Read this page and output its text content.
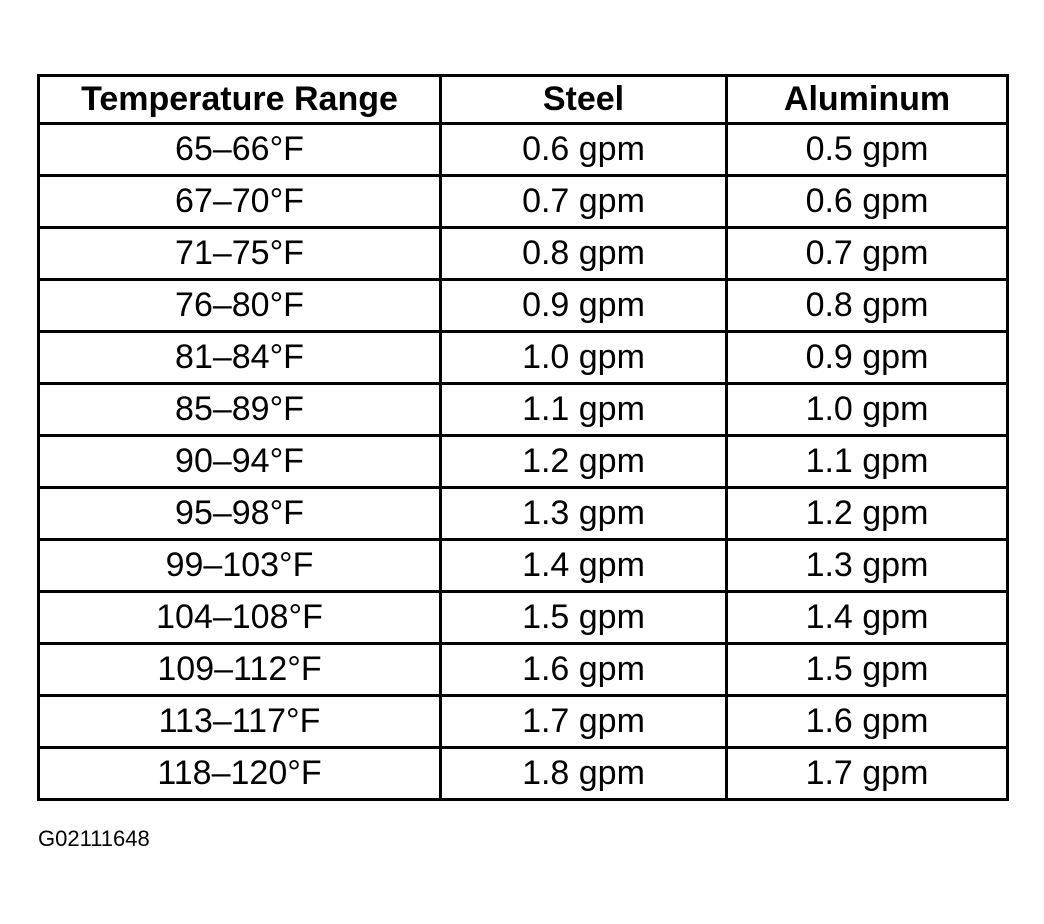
Temperature Range	Steel	Aluminum
65–66°F	0.6 gpm	0.5 gpm
67–70°F	0.7 gpm	0.6 gpm
71–75°F	0.8 gpm	0.7 gpm
76–80°F	0.9 gpm	0.8 gpm
81–84°F	1.0 gpm	0.9 gpm
85–89°F	1.1 gpm	1.0 gpm
90–94°F	1.2 gpm	1.1 gpm
95–98°F	1.3 gpm	1.2 gpm
99–103°F	1.4 gpm	1.3 gpm
104–108°F	1.5 gpm	1.4 gpm
109–112°F	1.6 gpm	1.5 gpm
113–117°F	1.7 gpm	1.6 gpm
118–120°F	1.8 gpm	1.7 gpm
G02111648
